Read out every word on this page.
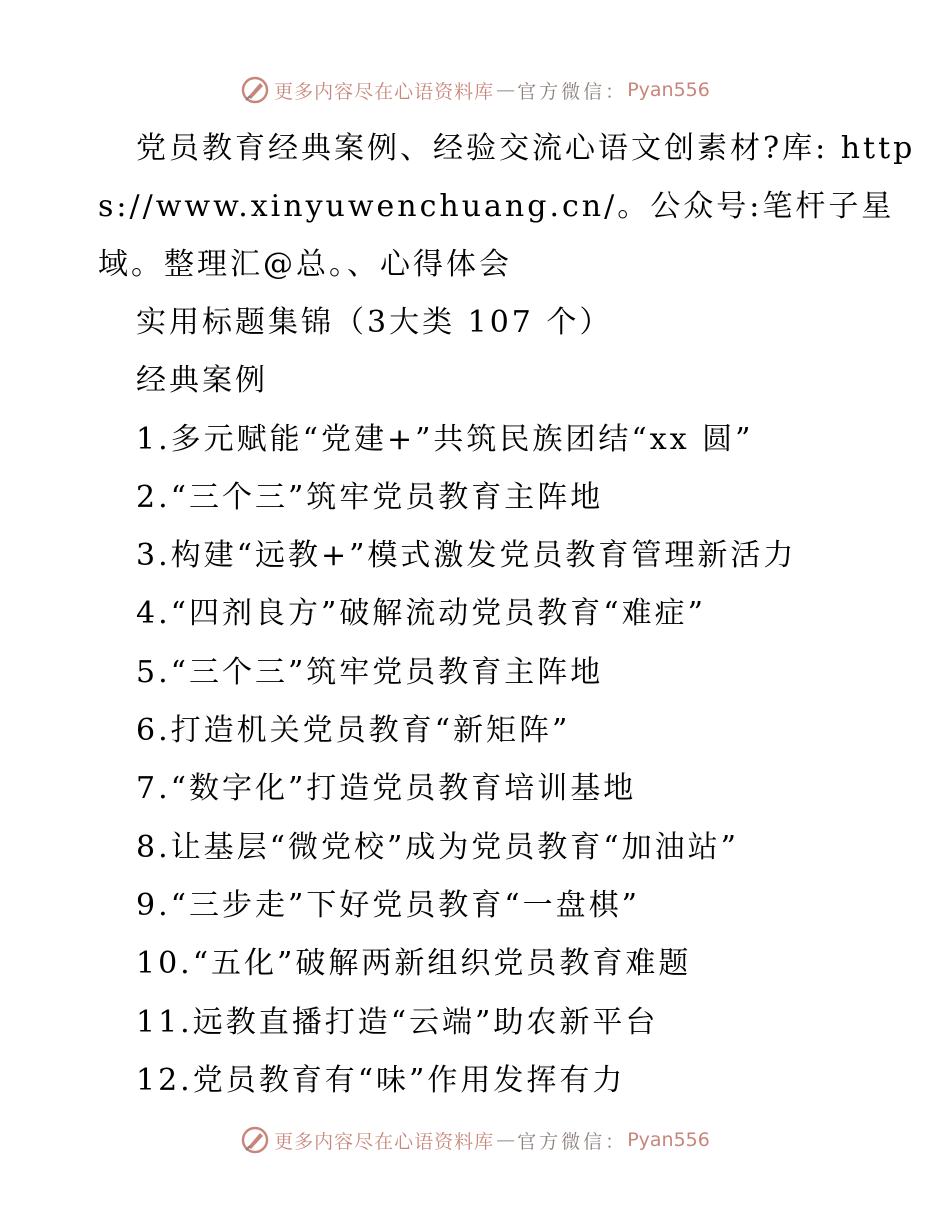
更多内容尽在心语资料库 — 官方微信： Pyan556

党员教育经典案例、经验交流心语文创素材?库: https://www.xinyuwenchuang.cn/。公众号:笔杆子星域。整理汇@总。、心得体会

实用标题集锦（3大类 107 个）
经典案例
1.多元赋能“党建+”共筑民族团结“xx 圆”
2.“三个三”筑牢党员教育主阵地
3.构建“远教+”模式激发党员教育管理新活力
4.“四剂良方”破解流动党员教育“难症”
5.“三个三”筑牢党员教育主阵地
6.打造机关党员教育“新矩阵”
7.“数字化”打造党员教育培训基地
8.让基层“微党校”成为党员教育“加油站”
9.“三步走”下好党员教育“一盘棋”
10.“五化”破解两新组织党员教育难题
11.远教直播打造“云端”助农新平台
12.党员教育有“味”作用发挥有力
更多内容尽在心语资料库 — 官方微信： Pyan556
